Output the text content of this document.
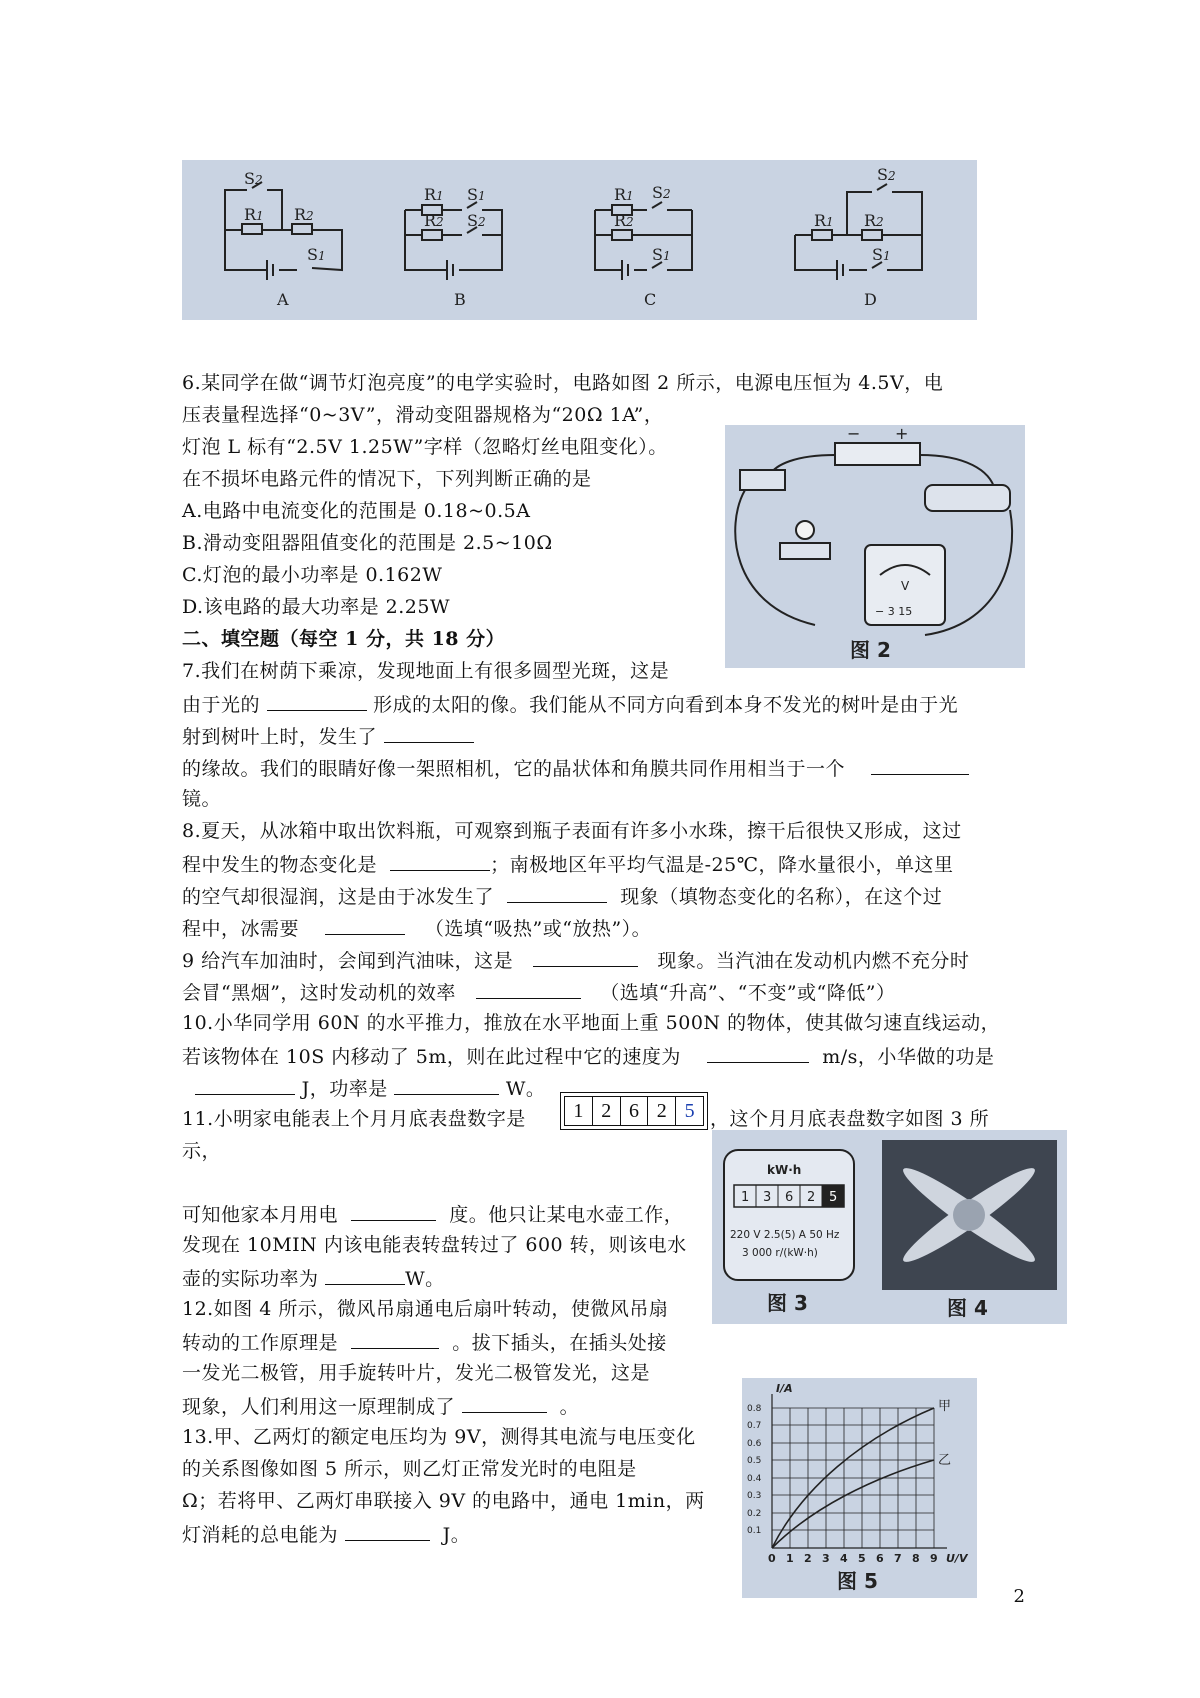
S2
R1 R2
S1
R1 S1
R2 S2
R1 S2
R2
S1
S2
R1 R2
S1
A	B	C	D
6.某同学在做“调节灯泡亮度”的电学实验时，电路如图 2 所示，电源电压恒为 4.5V，电
压表量程选择“0~3V”，滑动变阻器规格为“20Ω 1A”，
灯泡 L 标有“2.5V 1.25W”字样（忽略灯丝电阻变化）。
在不损坏电路元件的情况下，下列判断正确的是
A.电路中电流变化的范围是 0.18~0.5A
B.滑动变阻器阻值变化的范围是 2.5~10Ω
C.灯泡的最小功率是 0.162W
D.该电路的最大功率是 2.25W
− +
V
− 3 15
图 2
二、填空题（每空 1 分，共 18 分）
7.我们在树荫下乘凉，发现地面上有很多圆型光斑，这是
由于光的	形成的太阳的像。我们能从不同方向看到本身不发光的树叶是由于光
射到树叶上时，发生了
的缘故。我们的眼睛好像一架照相机，它的晶状体和角膜共同作用相当于一个
镜。
8.夏天，从冰箱中取出饮料瓶，可观察到瓶子表面有许多小水珠，擦干后很快又形成，这过
程中发生的物态变化是	；南极地区年平均气温是-25℃，降水量很小，单这里
的空气却很湿润，这是由于冰发生了	现象（填物态变化的名称），在这个过
程中，冰需要	（选填“吸热”或“放热”）。
9 给汽车加油时，会闻到汽油味，这是	现象。当汽油在发动机内燃不充分时
会冒“黑烟”，这时发动机的效率	（选填“升高”、“不变”或“降低”）
10.小华同学用 60N 的水平推力，推放在水平地面上重 500N 的物体，使其做匀速直线运动，
若该物体在 10S 内移动了 5m，则在此过程中它的速度为	m/s，小华做的功是
J，功率是	W。
11.小明家电能表上个月月底表盘数字是	1 2 6 2 5 ，这个月月底表盘数字如图 3 所
示，
可知他家本月用电	度。他只让某电水壶工作，
发现在 10MIN 内该电能表转盘转过了 600 转，则该电水
壶的实际功率为	W。
kW·h
1 3 6 2 5
220 V 2.5(5) A 50 Hz
3 000 r/(kW·h)
图 3	图 4
12.如图 4 所示，微风吊扇通电后扇叶转动，使微风吊扇
转动的工作原理是	。拔下插头，在插头处接
一发光二极管，用手旋转叶片，发光二极管发光，这是
现象，人们利用这一原理制成了	。
13.甲、乙两灯的额定电压均为 9V，测得其电流与电压变化
的关系图像如图 5 所示，则乙灯正常发光时的电阻是
Ω；若将甲、乙两灯串联接入 9V 的电路中，通电 1min，两
灯消耗的总电能为	J。	0.1
0.2
0.3
0.4
0.5
0.6
0.7
0.8
0 1 2 3 4 5 6 7 8 9 U/V
I/A
甲
乙
图 5
2
